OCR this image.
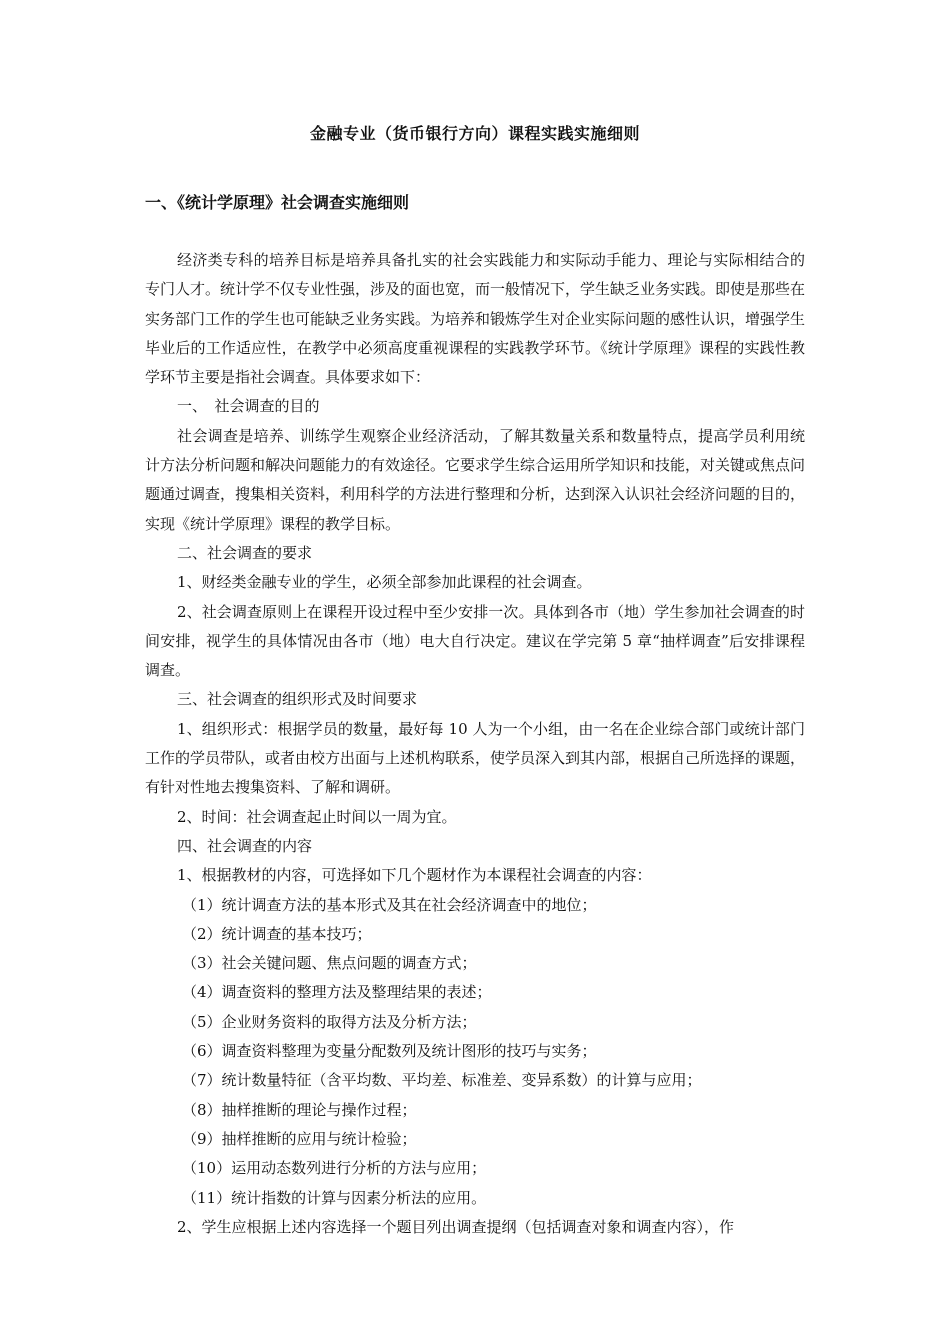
金融专业（货币银行方向）课程实践实施细则
一、《统计学原理》社会调查实施细则

经济类专科的培养目标是培养具备扎实的社会实践能力和实际动手能力、理论与实际相结合的专门人才。统计学不仅专业性强，涉及的面也宽，而一般情况下，学生缺乏业务实践。即使是那些在实务部门工作的学生也可能缺乏业务实践。为培养和锻炼学生对企业实际问题的感性认识，增强学生毕业后的工作适应性，在教学中必须高度重视课程的实践教学环节。《统计学原理》课程的实践性教学环节主要是指社会调查。具体要求如下：

一、　社会调查的目的

社会调查是培养、训练学生观察企业经济活动，了解其数量关系和数量特点，提高学员利用统计方法分析问题和解决问题能力的有效途径。它要求学生综合运用所学知识和技能，对关键或焦点问题通过调查，搜集相关资料，利用科学的方法进行整理和分析，达到深入认识社会经济问题的目的，实现《统计学原理》课程的教学目标。

二、社会调查的要求

1、财经类金融专业的学生，必须全部参加此课程的社会调查。

2、社会调查原则上在课程开设过程中至少安排一次。具体到各市（地）学生参加社会调查的时间安排，视学生的具体情况由各市（地）电大自行决定。建议在学完第 5 章“抽样调查”后安排课程调查。

三、社会调查的组织形式及时间要求

1、组织形式：根据学员的数量，最好每 10 人为一个小组，由一名在企业综合部门或统计部门工作的学员带队，或者由校方出面与上述机构联系，使学员深入到其内部，根据自己所选择的课题，有针对性地去搜集资料、了解和调研。

2、时间：社会调查起止时间以一周为宜。

四、社会调查的内容

1、根据教材的内容，可选择如下几个题材作为本课程社会调查的内容：

（1）统计调查方法的基本形式及其在社会经济调查中的地位；
（2）统计调查的基本技巧；
（3）社会关键问题、焦点问题的调查方式；
（4）调查资料的整理方法及整理结果的表述；
（5）企业财务资料的取得方法及分析方法；
（6）调查资料整理为变量分配数列及统计图形的技巧与实务；
（7）统计数量特征（含平均数、平均差、标准差、变异系数）的计算与应用；
（8）抽样推断的理论与操作过程；
（9）抽样推断的应用与统计检验；
（10）运用动态数列进行分析的方法与应用；
（11）统计指数的计算与因素分析法的应用。

2、学生应根据上述内容选择一个题目列出调查提纲（包括调查对象和调查内容），作
